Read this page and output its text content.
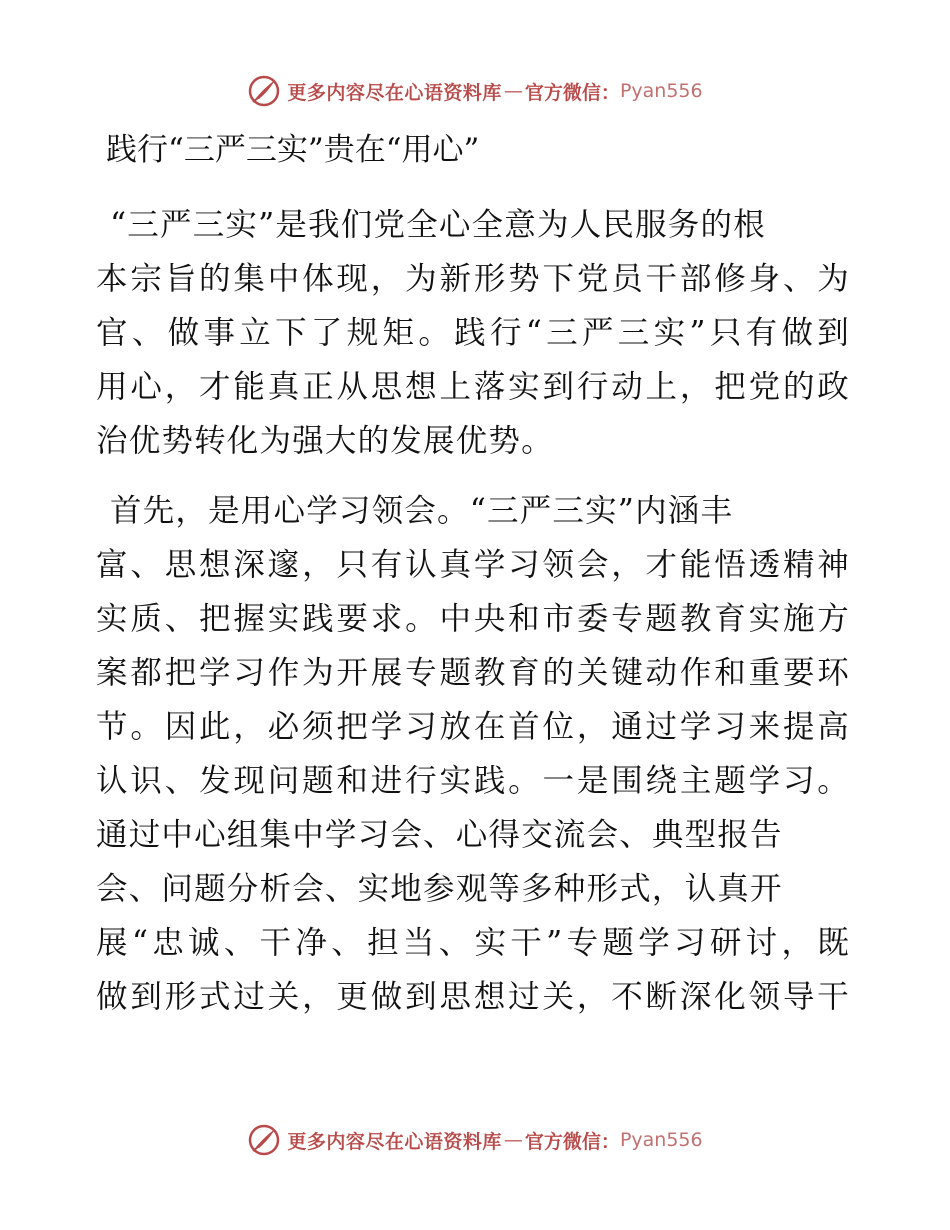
更多内容尽在心语资料库 — 官方微信： Pyan556
践行“三严三实”贵在“用心”

“三严三实”是我们党全心全意为人民服务的根
本宗旨的集中体现，为新形势下党员干部修身、为
官、做事立下了规矩。践行“三严三实”只有做到
用心，才能真正从思想上落实到行动上，把党的政
治优势转化为强大的发展优势。

首先，是用心学习领会。“三严三实”内涵丰
富、思想深邃，只有认真学习领会，才能悟透精神
实质、把握实践要求。中央和市委专题教育实施方
案都把学习作为开展专题教育的关键动作和重要环
节。因此，必须把学习放在首位，通过学习来提高
认识、发现问题和进行实践。一是围绕主题学习。
通过中心组集中学习会、心得交流会、典型报告
会、问题分析会、实地参观等多种形式，认真开
展“忠诚、干净、担当、实干”专题学习研讨，既
做到形式过关，更做到思想过关，不断深化领导干

更多内容尽在心语资料库 — 官方微信： Pyan556
